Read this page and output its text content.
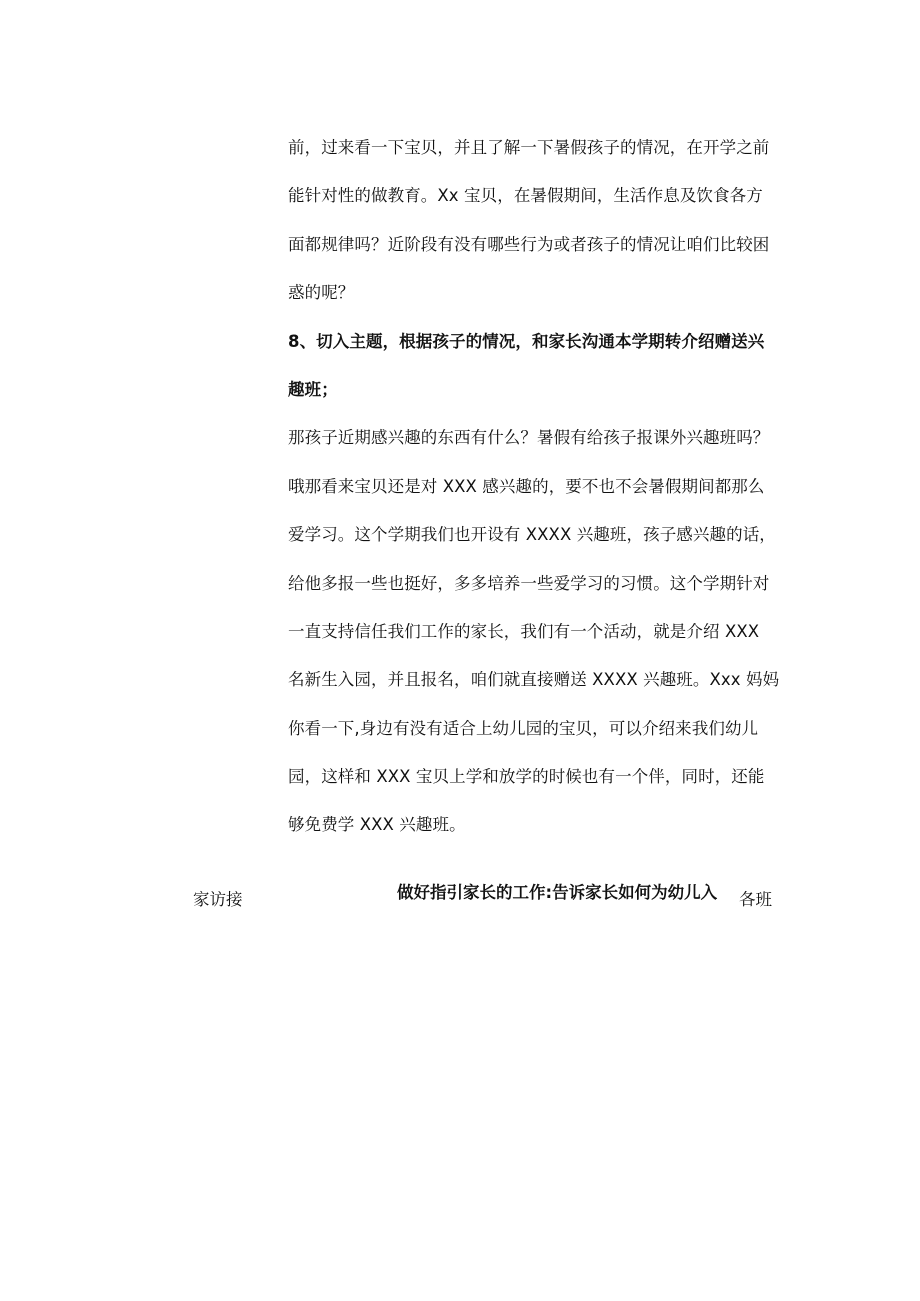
前，过来看一下宝贝，并且了解一下暑假孩子的情况，在开学之前
能针对性的做教育。Xx 宝贝，在暑假期间，生活作息及饮食各方
面都规律吗？近阶段有没有哪些行为或者孩子的情况让咱们比较困
惑的呢？
8、切入主题，根据孩子的情况，和家长沟通本学期转介绍赠送兴
趣班；
那孩子近期感兴趣的东西有什么？暑假有给孩子报课外兴趣班吗？
哦那看来宝贝还是对 XXX 感兴趣的，要不也不会暑假期间都那么
爱学习。这个学期我们也开设有 XXXX 兴趣班，孩子感兴趣的话，
给他多报一些也挺好，多多培养一些爱学习的习惯。这个学期针对
一直支持信任我们工作的家长，我们有一个活动，就是介绍 XXX
名新生入园，并且报名，咱们就直接赠送 XXXX 兴趣班。Xxx 妈妈
你看一下,身边有没有适合上幼儿园的宝贝，可以介绍来我们幼儿
园，这样和 XXX 宝贝上学和放学的时候也有一个伴，同时，还能
够免费学 XXX 兴趣班。
家访接	做好指引家长的工作:告诉家长如何为幼儿入 各班
